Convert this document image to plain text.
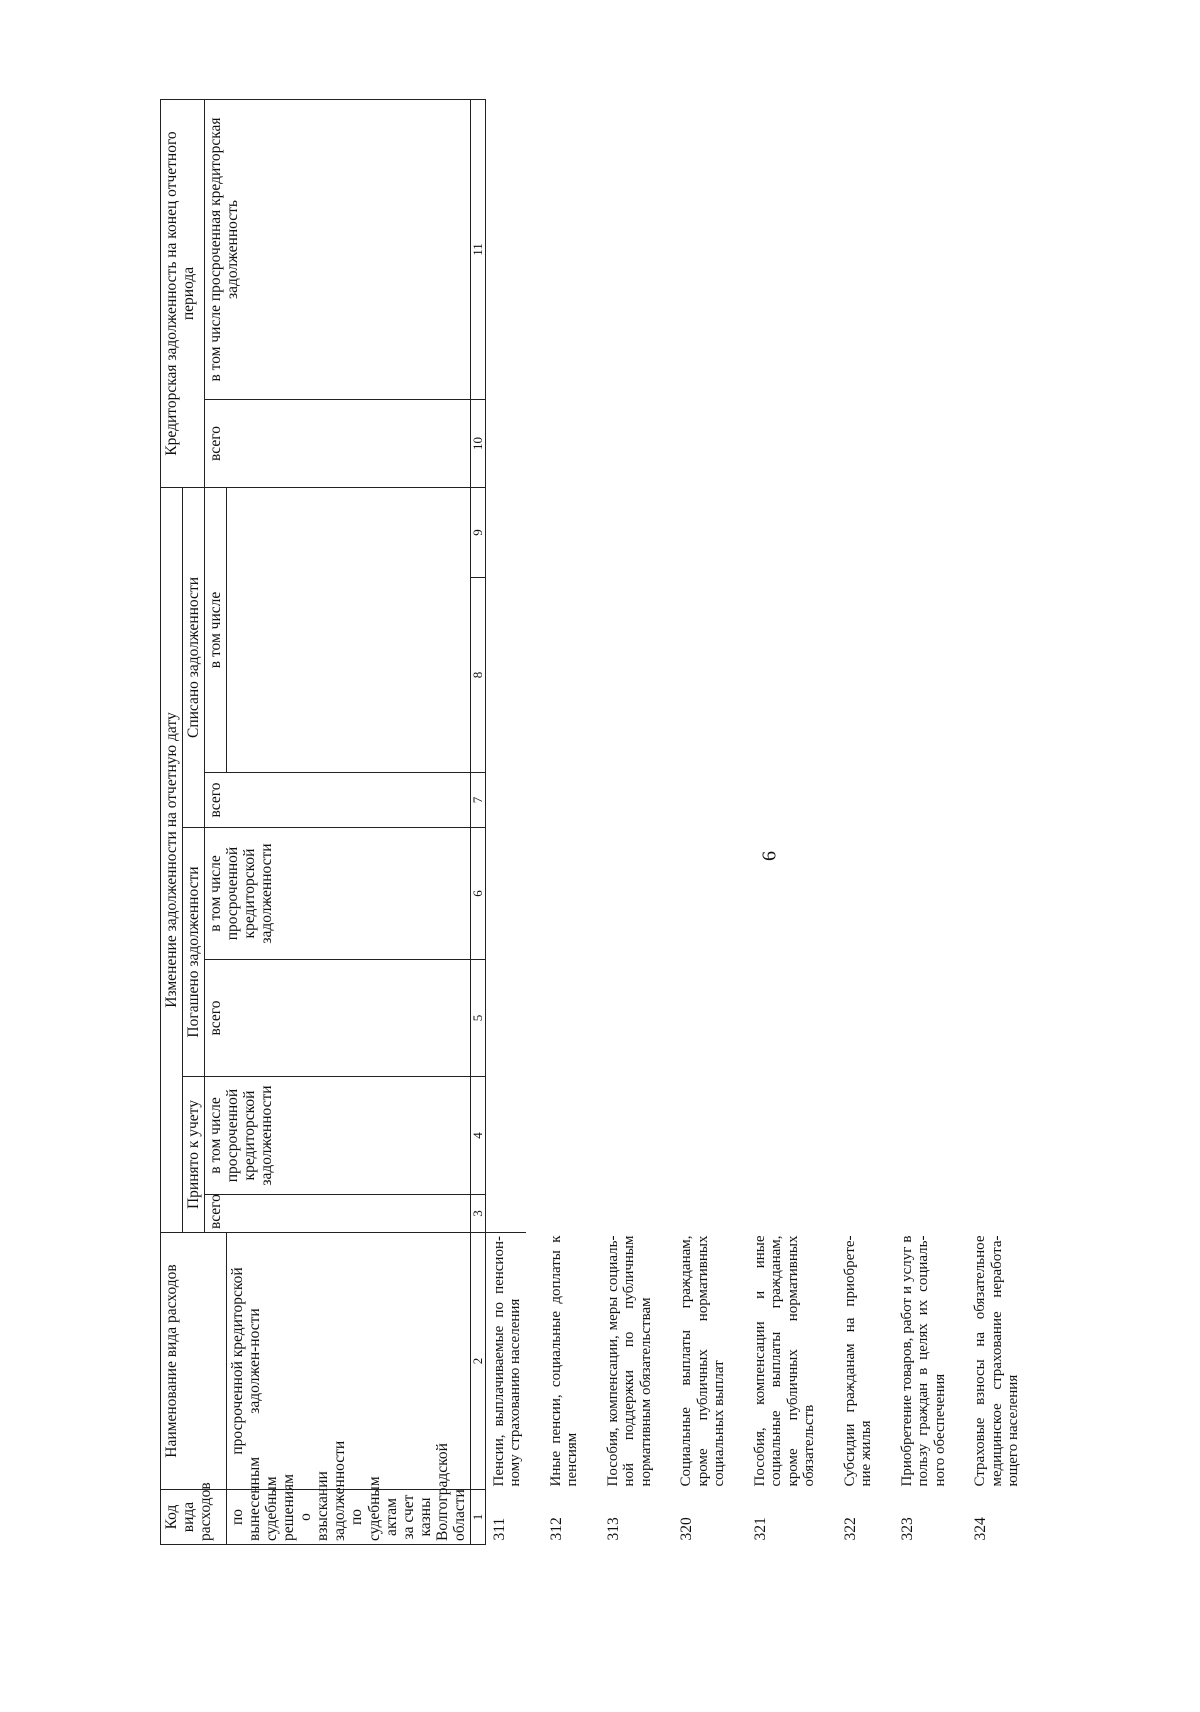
6
Код вида расходов	Наименование вида расходов	Изменение задолженности на отчетную дату							Кредиторская задолженность на конец отчетного периода	
		Принято к учету		Погашено задолженности		Списано задолженности				
		всего	в том числе просроченной кредиторской задолженности	всего	в том числе просроченной кредиторской задолженности	всего	в том числе		всего	в том числе просроченная кредиторская задолженность
по вынесенным судебным решениям о взыскании задолженности по судебным актам за счет казны Волгоградской области	просроченной кредиторской задолжен-ности									
1	2	3	4	5	6	7	8	9	10	11
311	Пенсии, выплачиваемые по пенсион-ному страхованию населения									
312	Иные пенсии, социальные доплаты к пенсиям									
313	Пособия, компенсации, меры социаль-ной поддержки по публичным нормативным обязательствам									
320	Социальные выплаты гражданам, кроме публичных нормативных социальных выплат									
321	Пособия, компенсации и иные социальные выплаты гражданам, кроме публичных нормативных обязательств									
322	Субсидии гражданам на приобрете-ние жилья									
323	Приобретение товаров, работ и услуг в пользу граждан в целях их социаль-ного обеспечения									
324	Страховые взносы на обязательное медицинское страхование неработа-ющего населения									
